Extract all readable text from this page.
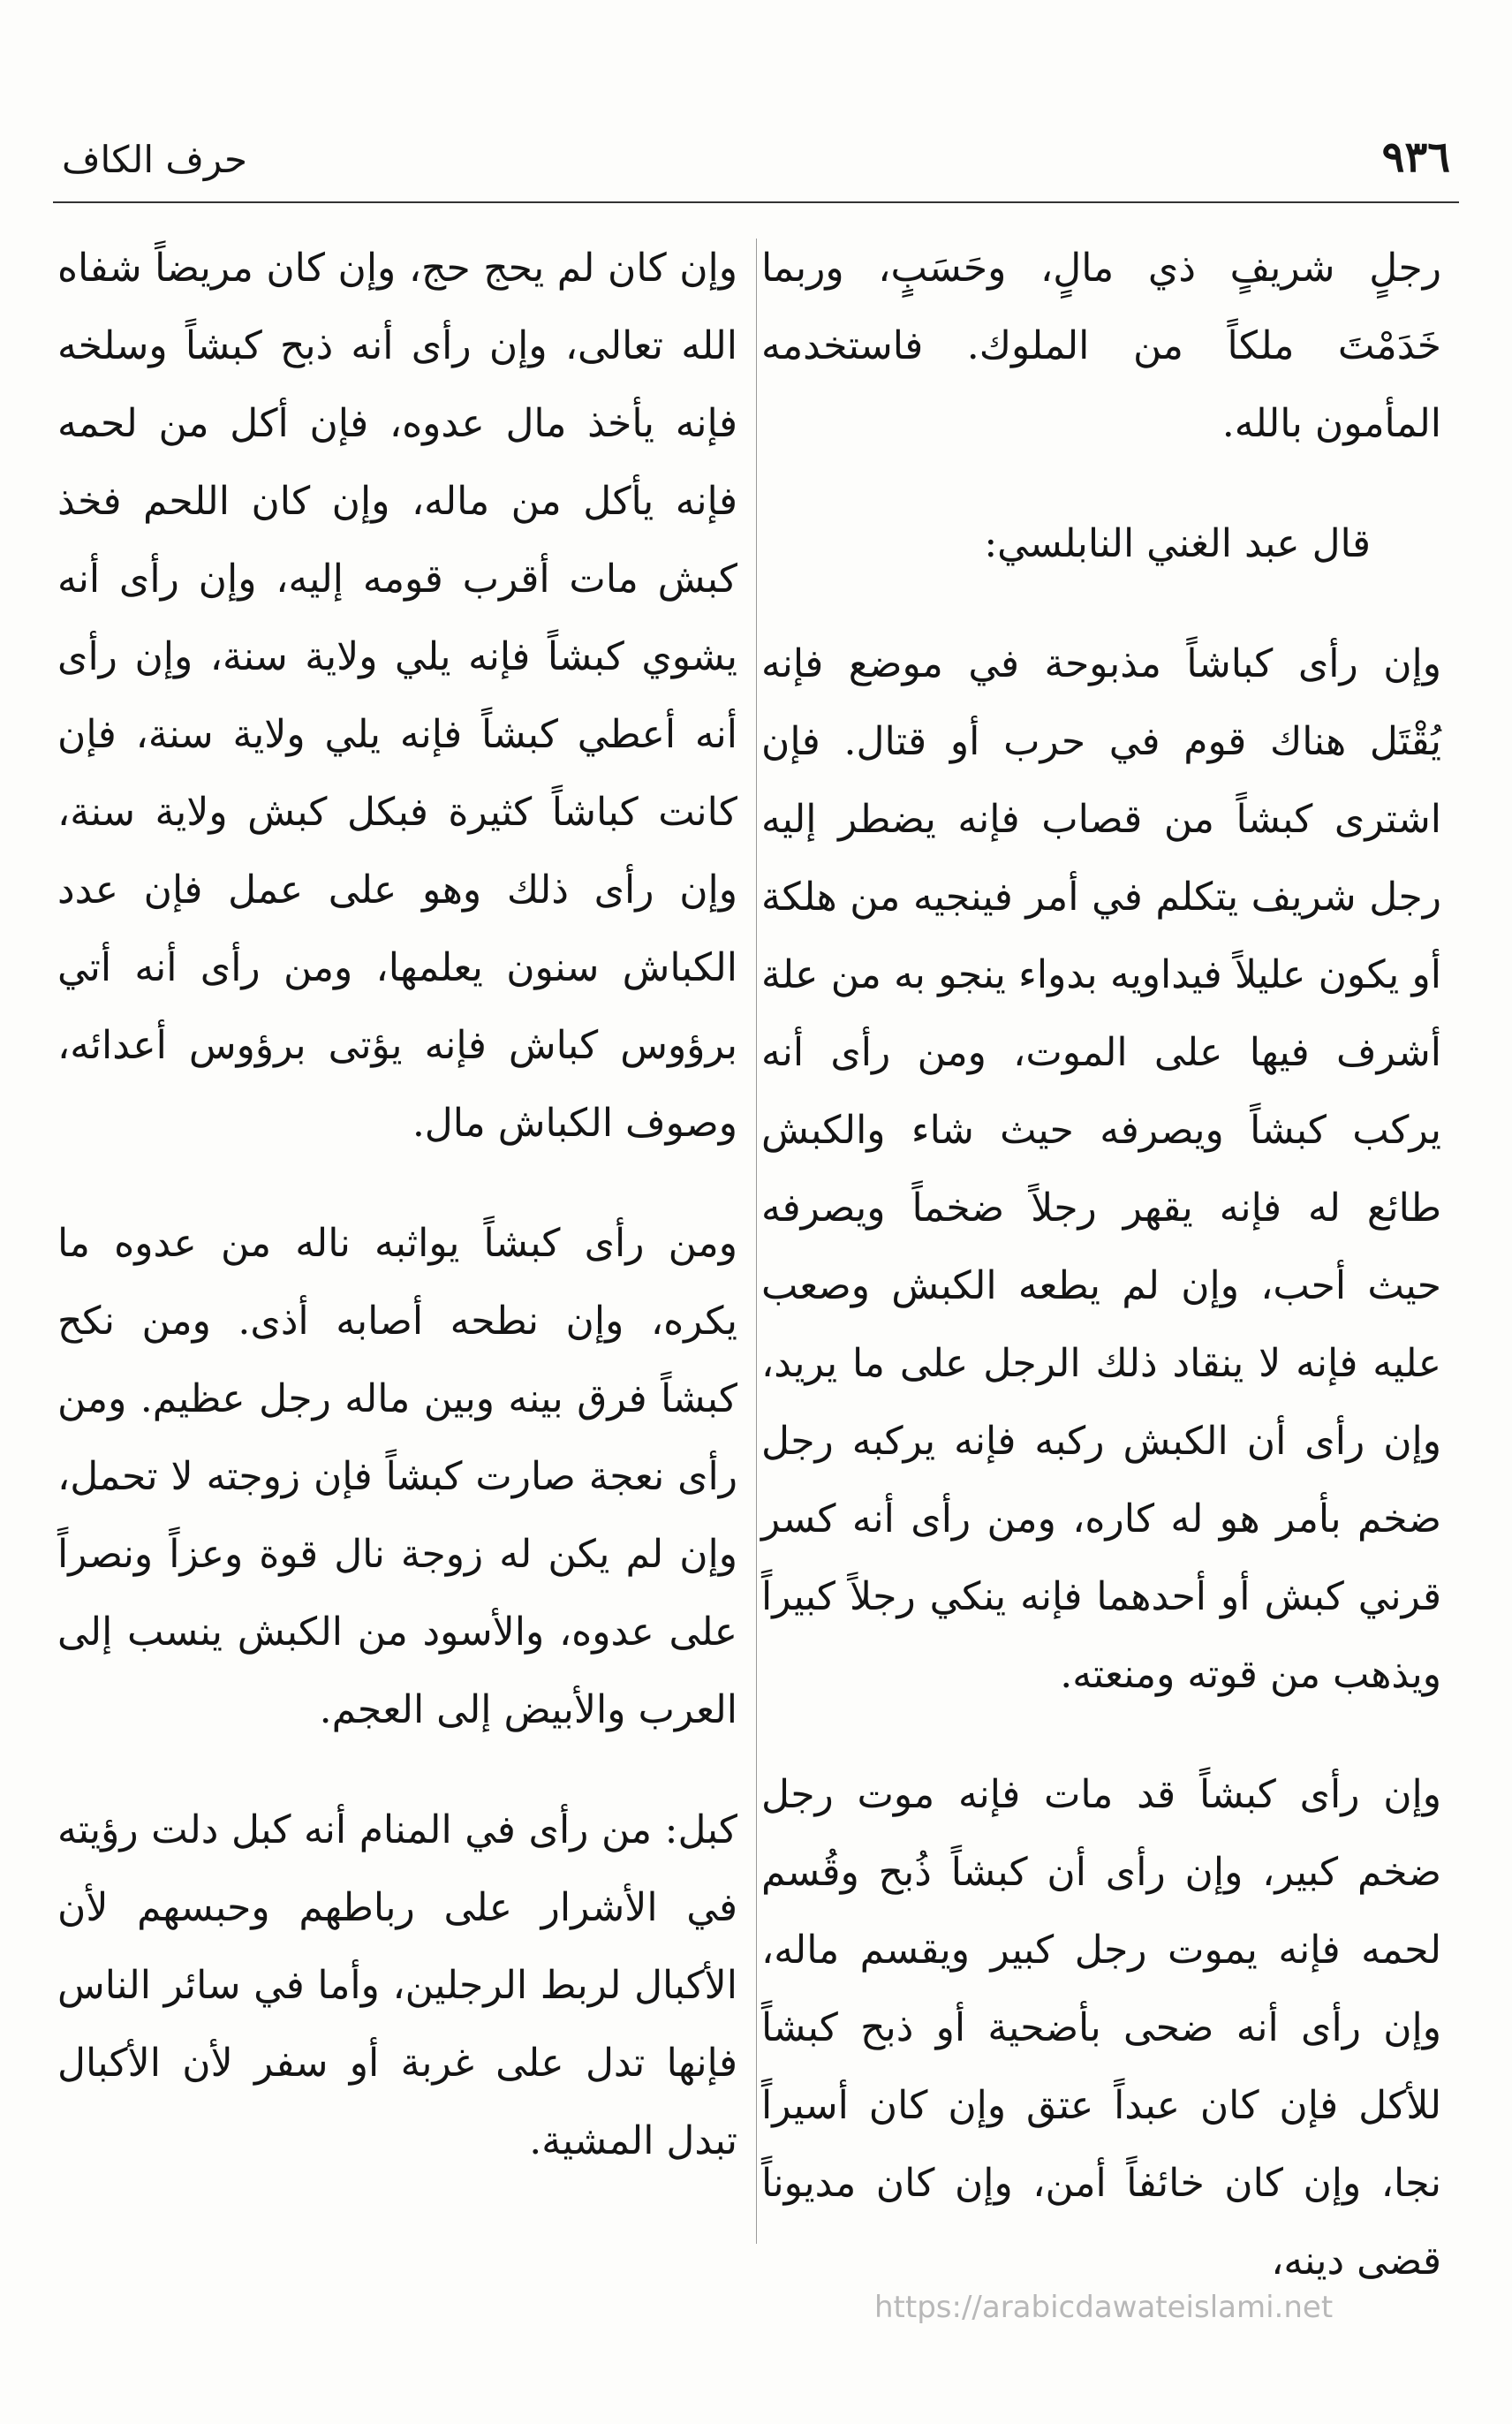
٩٣٦
حرف الكاف

رجلٍ شريفٍ ذي مالٍ، وحَسَبٍ، وربما خَدَمْتَ ملكاً من الملوك. فاستخدمه المأمون بالله.

قال عبد الغني النابلسي:

وإن رأى كباشاً مذبوحة في موضع فإنه يُقْتَل هناك قوم في حرب أو قتال. فإن اشترى كبشاً من قصاب فإنه يضطر إليه رجل شريف يتكلم في أمر فينجيه من هلكة أو يكون عليلاً فيداويه بدواء ينجو به من علة أشرف فيها على الموت، ومن رأى أنه يركب كبشاً ويصرفه حيث شاء والكبش طائع له فإنه يقهر رجلاً ضخماً ويصرفه حيث أحب، وإن لم يطعه الكبش وصعب عليه فإنه لا ينقاد ذلك الرجل على ما يريد، وإن رأى أن الكبش ركبه فإنه يركبه رجل ضخم بأمر هو له كاره، ومن رأى أنه كسر قرني كبش أو أحدهما فإنه ينكي رجلاً كبيراً ويذهب من قوته ومنعته.

وإن رأى كبشاً قد مات فإنه موت رجل ضخم كبير، وإن رأى أن كبشاً ذُبح وقُسم لحمه فإنه يموت رجل كبير ويقسم ماله، وإن رأى أنه ضحى بأضحية أو ذبح كبشاً للأكل فإن كان عبداً عتق وإن كان أسيراً نجا، وإن كان خائفاً أمن، وإن كان مديوناً قضى دينه،

وإن كان لم يحج حج، وإن كان مريضاً شفاه الله تعالى، وإن رأى أنه ذبح كبشاً وسلخه فإنه يأخذ مال عدوه، فإن أكل من لحمه فإنه يأكل من ماله، وإن كان اللحم فخذ كبش مات أقرب قومه إليه، وإن رأى أنه يشوي كبشاً فإنه يلي ولاية سنة، وإن رأى أنه أعطي كبشاً فإنه يلي ولاية سنة، فإن كانت كباشاً كثيرة فبكل كبش ولاية سنة، وإن رأى ذلك وهو على عمل فإن عدد الكباش سنون يعلمها، ومن رأى أنه أتي برؤوس كباش فإنه يؤتى برؤوس أعدائه، وصوف الكباش مال.

ومن رأى كبشاً يواثبه ناله من عدوه ما يكره، وإن نطحه أصابه أذى. ومن نكح كبشاً فرق بينه وبين ماله رجل عظيم. ومن رأى نعجة صارت كبشاً فإن زوجته لا تحمل، وإن لم يكن له زوجة نال قوة وعزاً ونصراً على عدوه، والأسود من الكبش ينسب إلى العرب والأبيض إلى العجم.

كبل: من رأى في المنام أنه كبل دلت رؤيته في الأشرار على رباطهم وحبسهم لأن الأكبال لربط الرجلين، وأما في سائر الناس فإنها تدل على غربة أو سفر لأن الأكبال تبدل المشية.

https://arabicdawateislami.net
